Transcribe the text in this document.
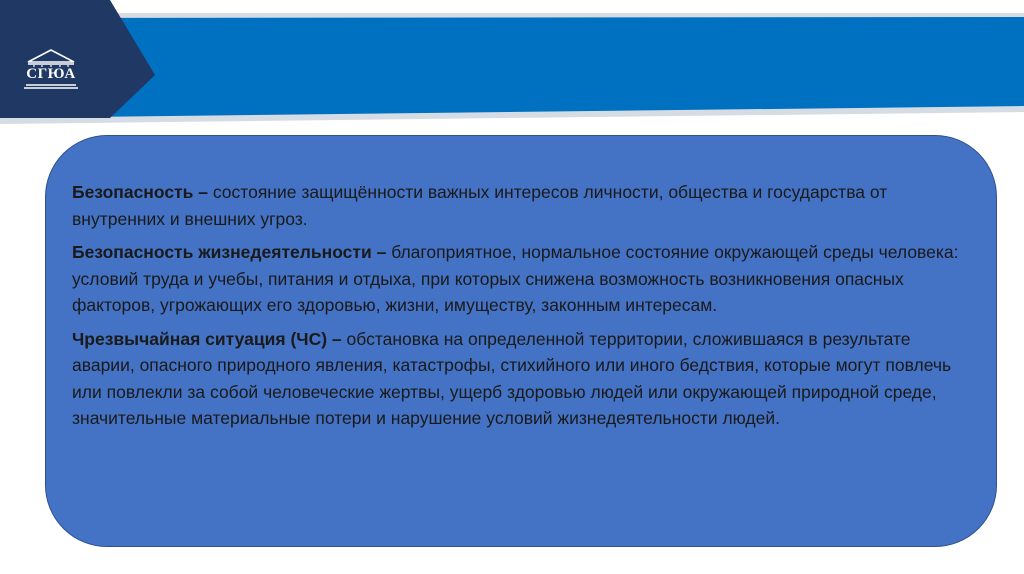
СГЮА

Безопасность – состояние защищённости важных интересов личности, общества и государства от внутренних и внешних угроз.

Безопасность жизнедеятельности – благоприятное, нормальное состояние окружающей среды человека: условий труда и учебы, питания и отдыха, при которых снижена возможность возникновения опасных факторов, угрожающих его здоровью, жизни, имуществу, законным интересам.

Чрезвычайная ситуация (ЧС) – обстановка на определенной территории, сложившаяся в результате аварии, опасного природного явления, катастрофы, стихийного или иного бедствия, которые могут повлечь или повлекли за собой человеческие жертвы, ущерб здоровью людей или окружающей природной среде, значительные материальные потери и нарушение условий жизнедеятельности людей.
